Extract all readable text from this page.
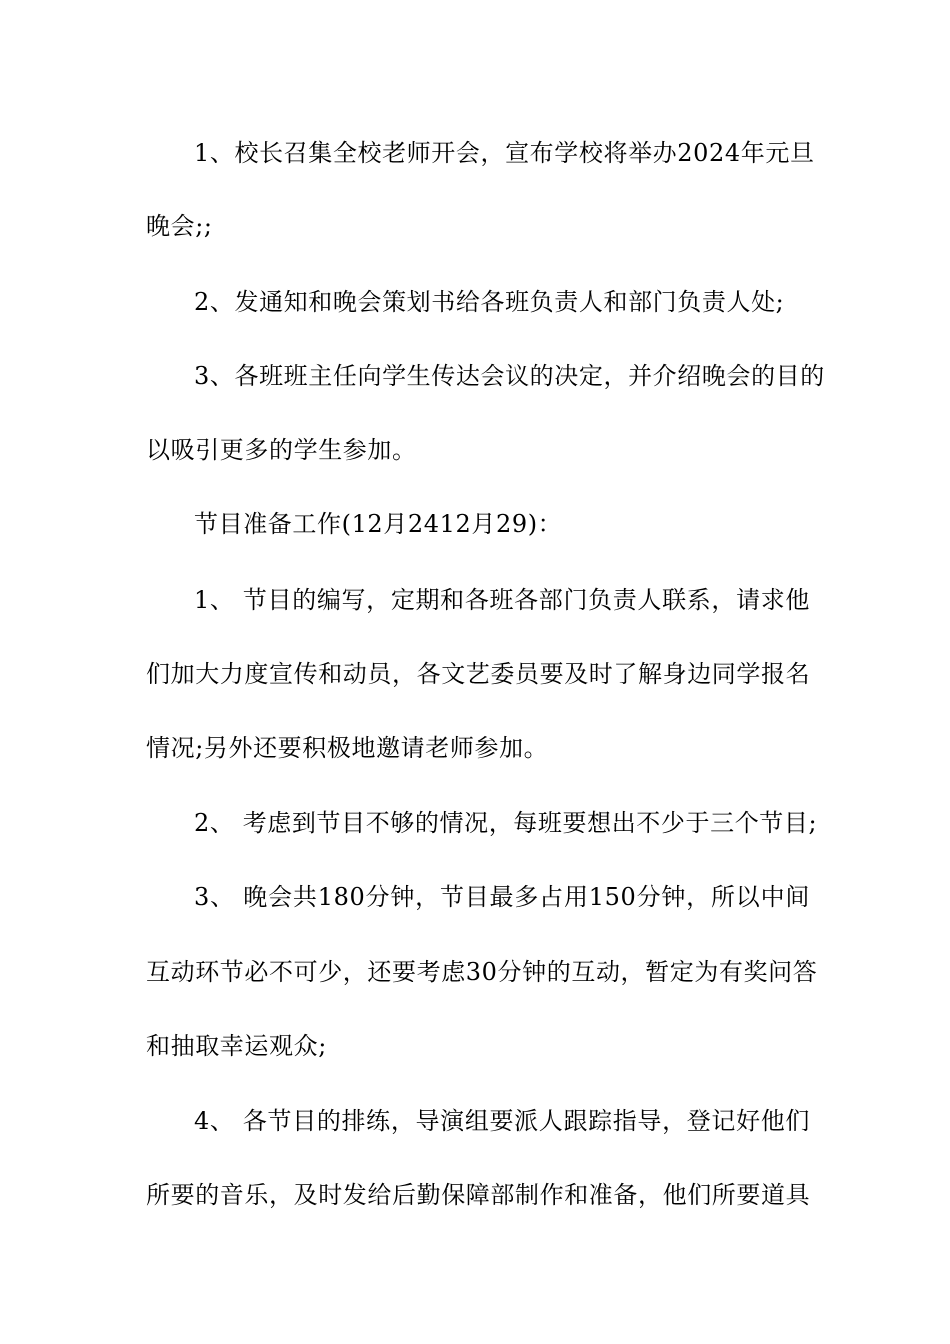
1、校长召集全校老师开会，宣布学校将举办2024年元旦
晚会;;
2、发通知和晚会策划书给各班负责人和部门负责人处;
3、各班班主任向学生传达会议的决定，并介绍晚会的目的
以吸引更多的学生参加。
节目准备工作(12月2412月29)：
1、 节目的编写，定期和各班各部门负责人联系，请求他
们加大力度宣传和动员，各文艺委员要及时了解身边同学报名
情况;另外还要积极地邀请老师参加。
2、 考虑到节目不够的情况，每班要想出不少于三个节目;
3、 晚会共180分钟，节目最多占用150分钟，所以中间
互动环节必不可少，还要考虑30分钟的互动，暂定为有奖问答
和抽取幸运观众;
4、 各节目的排练，导演组要派人跟踪指导，登记好他们
所要的音乐，及时发给后勤保障部制作和准备，他们所要道具
